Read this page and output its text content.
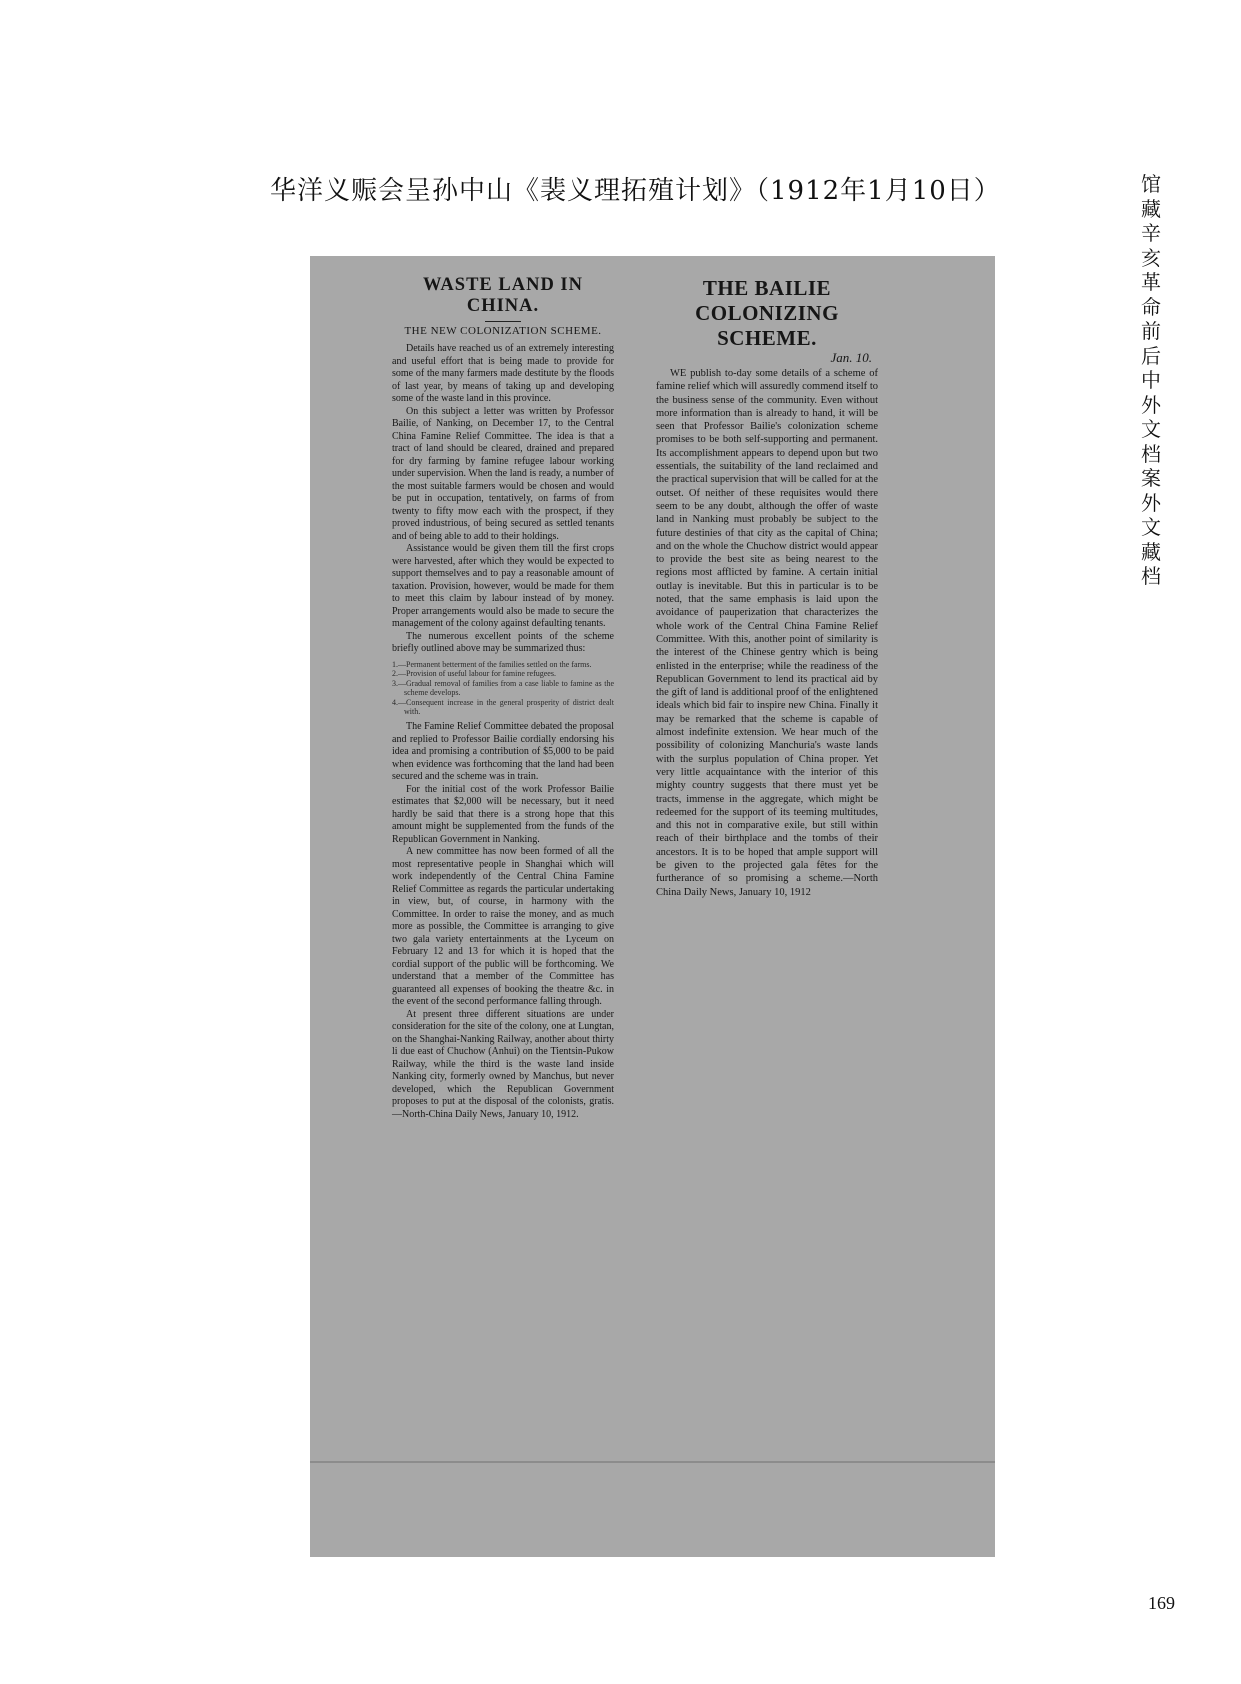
华洋义赈会呈孙中山《裴义理拓殖计划》（1912年1月10日）	馆藏辛亥革命前后中外文档案 外文藏档
WASTE LAND IN CHINA.

THE NEW COLONIZATION SCHEME.

Details have reached us of an extremely interesting and useful effort that is being made to provide for some of the many farmers made destitute by the floods of last year, by means of taking up and developing some of the waste land in this province.

On this subject a letter was written by Professor Bailie, of Nanking, on December 17, to the Central China Famine Relief Committee. The idea is that a tract of land should be cleared, drained and prepared for dry farming by famine refugee labour working under supervision. When the land is ready, a number of the most suitable farmers would be chosen and would be put in occupation, tentatively, on farms of from twenty to fifty mow each with the prospect, if they proved industrious, of being secured as settled tenants and of being able to add to their holdings.

Assistance would be given them till the first crops were harvested, after which they would be expected to support themselves and to pay a reasonable amount of taxation. Provision, however, would be made for them to meet this claim by labour instead of by money. Proper arrangements would also be made to secure the management of the colony against defaulting tenants.

The numerous excellent points of the scheme briefly outlined above may be summarized thus:

1.—Permanent betterment of the families settled on the farms.
2.—Provision of useful labour for famine refugees.
3.—Gradual removal of families from a case liable to famine as the scheme develops.
4.—Consequent increase in the general prosperity of district dealt with.

The Famine Relief Committee debated the proposal and replied to Professor Bailie cordially endorsing his idea and promising a contribution of $5,000 to be paid when evidence was forthcoming that the land had been secured and the scheme was in train.

For the initial cost of the work Professor Bailie estimates that $2,000 will be necessary, but it need hardly be said that there is a strong hope that this amount might be supplemented from the funds of the Republican Government in Nanking.

A new committee has now been formed of all the most representative people in Shanghai which will work independently of the Central China Famine Relief Committee as regards the particular undertaking in view, but, of course, in harmony with the Committee. In order to raise the money, and as much more as possible, the Committee is arranging to give two gala variety entertainments at the Lyceum on February 12 and 13 for which it is hoped that the cordial support of the public will be forthcoming. We understand that a member of the Committee has guaranteed all expenses of booking the theatre &c. in the event of the second performance falling through.

At present three different situations are under consideration for the site of the colony, one at Lungtan, on the Shanghai-Nanking Railway, another about thirty li due east of Chuchow (Anhui) on the Tientsin-Pukow Railway, while the third is the waste land inside Nanking city, formerly owned by Manchus, but never developed, which the Republican Government proposes to put at the disposal of the colonists, gratis.—North-China Daily News, January 10, 1912.

THE BAILIE COLONIZING SCHEME.

Jan. 10.

WE publish to-day some details of a scheme of famine relief which will assuredly commend itself to the business sense of the community. Even without more information than is already to hand, it will be seen that Professor Bailie's colonization scheme promises to be both self-supporting and permanent. Its accomplishment appears to depend upon but two essentials, the suitability of the land reclaimed and the practical supervision that will be called for at the outset. Of neither of these requisites would there seem to be any doubt, although the offer of waste land in Nanking must probably be subject to the future destinies of that city as the capital of China; and on the whole the Chuchow district would appear to provide the best site as being nearest to the regions most afflicted by famine. A certain initial outlay is inevitable. But this in particular is to be noted, that the same emphasis is laid upon the avoidance of pauperization that characterizes the whole work of the Central China Famine Relief Committee. With this, another point of similarity is the interest of the Chinese gentry which is being enlisted in the enterprise; while the readiness of the Republican Government to lend its practical aid by the gift of land is additional proof of the enlightened ideals which bid fair to inspire new China. Finally it may be remarked that the scheme is capable of almost indefinite extension. We hear much of the possibility of colonizing Manchuria's waste lands with the surplus population of China proper. Yet very little acquaintance with the interior of this mighty country suggests that there must yet be tracts, immense in the aggregate, which might be redeemed for the support of its teeming multitudes, and this not in comparative exile, but still within reach of their birthplace and the tombs of their ancestors. It is to be hoped that ample support will be given to the projected gala fêtes for the furtherance of so promising a scheme.—North China Daily News, January 10, 1912

169
